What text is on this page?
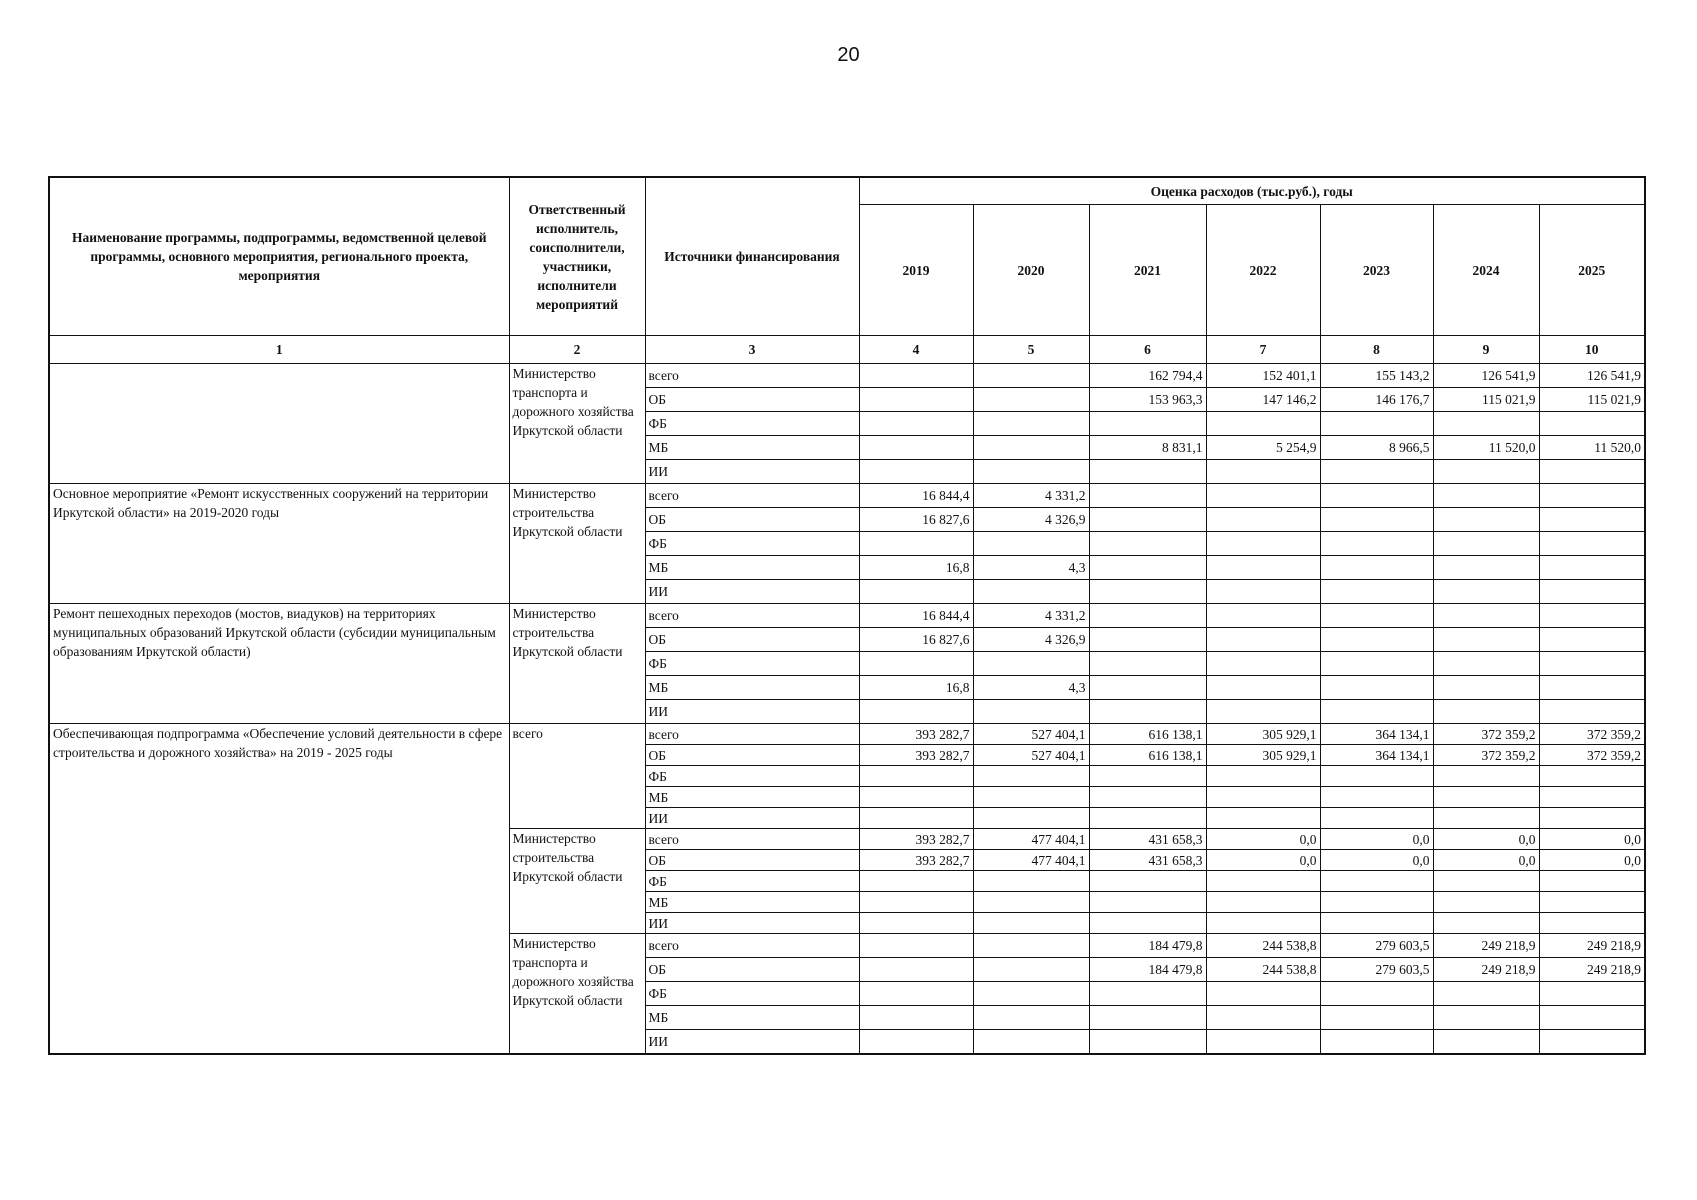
20
Наименование программы, подпрограммы, ведомственной целевой программы, основного мероприятия, регионального проекта, мероприятия	Ответственный исполнитель, соисполнители, участники, исполнители мероприятий	Источники финансирования	Оценка расходов (тыс.руб.), годы						
			2019	2020	2021	2022	2023	2024	2025
1	2	3	4	5	6	7	8	9	10
	Министерство транспорта и дорожного хозяйства Иркутской области	всего			162 794,4	152 401,1	155 143,2	126 541,9	126 541,9
		ОБ			153 963,3	147 146,2	146 176,7	115 021,9	115 021,9
		ФБ							
		МБ			8 831,1	5 254,9	8 966,5	11 520,0	11 520,0
		ИИ							
Основное мероприятие «Ремонт искусственных сооружений на территории Иркутской области» на 2019-2020 годы	Министерство строительства Иркутской области	всего	16 844,4	4 331,2					
		ОБ	16 827,6	4 326,9					
		ФБ							
		МБ	16,8	4,3					
		ИИ							
Ремонт пешеходных переходов (мостов, виадуков) на территориях муниципальных образований Иркутской области (субсидии муниципальным образованиям Иркутской области)	Министерство строительства Иркутской области	всего	16 844,4	4 331,2					
		ОБ	16 827,6	4 326,9					
		ФБ							
		МБ	16,8	4,3					
		ИИ							
Обеспечивающая подпрограмма «Обеспечение условий деятельности в сфере строительства и дорожного хозяйства» на 2019 - 2025 годы	всего	всего	393 282,7	527 404,1	616 138,1	305 929,1	364 134,1	372 359,2	372 359,2
		ОБ	393 282,7	527 404,1	616 138,1	305 929,1	364 134,1	372 359,2	372 359,2
		ФБ							
		МБ							
		ИИ							
	Министерство строительства Иркутской области	всего	393 282,7	477 404,1	431 658,3	0,0	0,0	0,0	0,0
		ОБ	393 282,7	477 404,1	431 658,3	0,0	0,0	0,0	0,0
		ФБ							
		МБ							
		ИИ							
	Министерство транспорта и дорожного хозяйства Иркутской области	всего			184 479,8	244 538,8	279 603,5	249 218,9	249 218,9
		ОБ			184 479,8	244 538,8	279 603,5	249 218,9	249 218,9
		ФБ							
		МБ							
		ИИ							
